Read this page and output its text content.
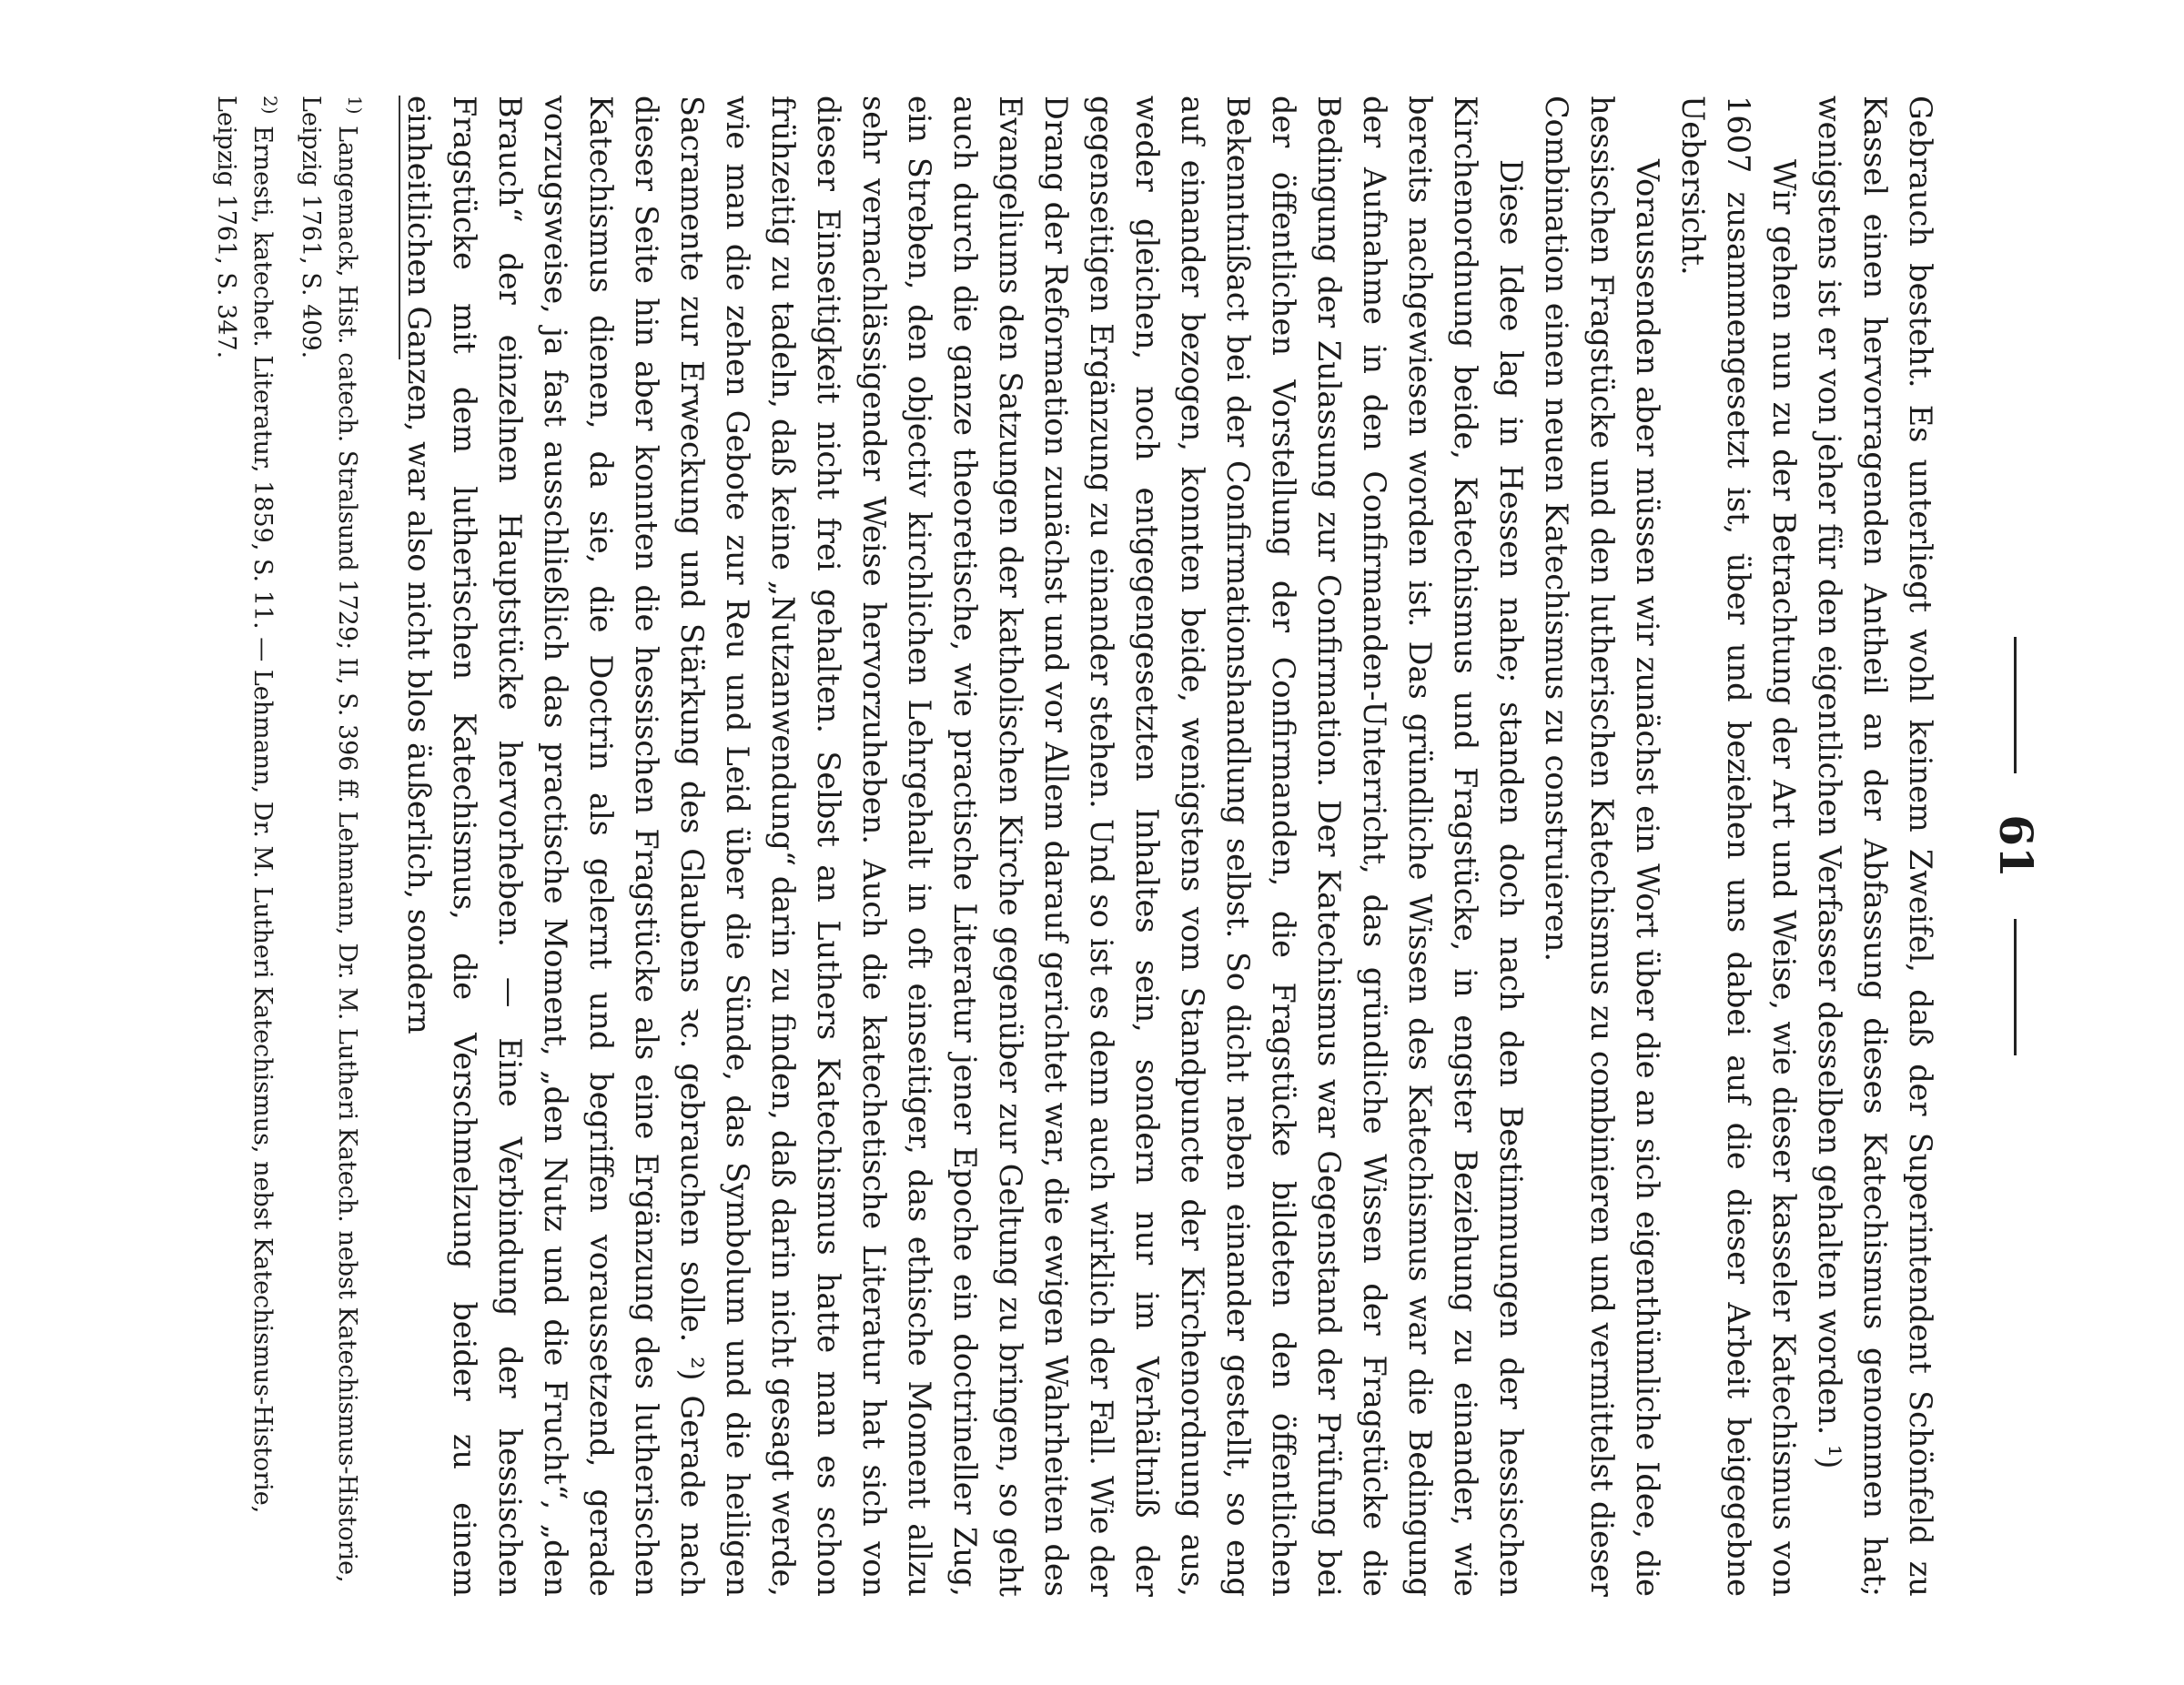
61

Gebrauch besteht. Es unterliegt wohl keinem Zweifel, daß der Superintendent Schönfeld zu Kassel einen hervorragenden Antheil an der Abfassung dieses Katechismus genommen hat; wenigstens ist er von jeher für den eigentlichen Verfasser desselben gehalten worden. ¹)

Wir gehen nun zu der Betrachtung der Art und Weise, wie dieser kasseler Katechismus von 1607 zusammengesetzt ist, über und beziehen uns dabei auf die dieser Arbeit beigegebne Uebersicht.

Voraussenden aber müssen wir zunächst ein Wort über die an sich eigenthümliche Idee, die hessischen Fragstücke und den lutherischen Katechismus zu combinieren und vermittelst dieser Combination einen neuen Katechismus zu construieren.

Diese Idee lag in Hessen nahe; standen doch nach den Bestimmungen der hessischen Kirchenordnung beide, Katechismus und Fragstücke, in engster Beziehung zu einander, wie bereits nachgewiesen worden ist. Das gründliche Wissen des Katechismus war die Bedingung der Aufnahme in den Confirmanden-Unterricht, das gründliche Wissen der Fragstücke die Bedingung der Zulassung zur Confirmation. Der Katechismus war Gegenstand der Prüfung bei der öffentlichen Vorstellung der Confirmanden, die Fragstücke bildeten den öffentlichen Bekenntnißact bei der Confirmationshandlung selbst. So dicht neben einander gestellt, so eng auf einander bezogen, konnten beide, wenigstens vom Standpuncte der Kirchenordnung aus, weder gleichen, noch entgegengesetzten Inhaltes sein, sondern nur im Verhältniß der gegenseitigen Ergänzung zu einander stehen. Und so ist es denn auch wirklich der Fall. Wie der Drang der Reformation zunächst und vor Allem darauf gerichtet war, die ewigen Wahrheiten des Evangeliums den Satzungen der katholischen Kirche gegenüber zur Geltung zu bringen, so geht auch durch die ganze theoretische, wie practische Literatur jener Epoche ein doctrineller Zug, ein Streben, den objectiv kirchlichen Lehrgehalt in oft einseitiger, das ethische Moment allzu sehr vernachlässigender Weise hervorzuheben. Auch die katechetische Literatur hat sich von dieser Einseitigkeit nicht frei gehalten. Selbst an Luthers Katechismus hatte man es schon frühzeitig zu tadeln, daß keine „Nutzanwendung“ darin zu finden, daß darin nicht gesagt werde, wie man die zehen Gebote zur Reu und Leid über die Sünde, das Symbolum und die heiligen Sacramente zur Erweckung und Stärkung des Glaubens ꝛc. gebrauchen solle. ²) Gerade nach dieser Seite hin aber konnten die hessischen Fragstücke als eine Ergänzung des lutherischen Katechismus dienen, da sie, die Doctrin als gelernt und begriffen voraussetzend, gerade vorzugsweise, ja fast ausschließlich das practische Moment, „den Nutz und die Frucht“, „den Brauch“ der einzelnen Hauptstücke hervorheben. — Eine Verbindung der hessischen Fragstücke mit dem lutherischen Katechismus, die Verschmelzung beider zu einem einheitlichen Ganzen, war also nicht blos äußerlich, sondern

$^{1)}$ Langemack, Hist. catech. Stralsund 1729; II, S. 396 ff. Lehmann, Dr. M. Lutheri Katech. nebst Katechismus-Historie, Leipzig 1761, S. 409.

$^{2)}$ Ernesti, katechet. Literatur, 1859, S. 11. — Lehmann, Dr. M. Lutheri Katechismus, nebst Katechismus-Historie, Leipzig 1761, S. 347.
